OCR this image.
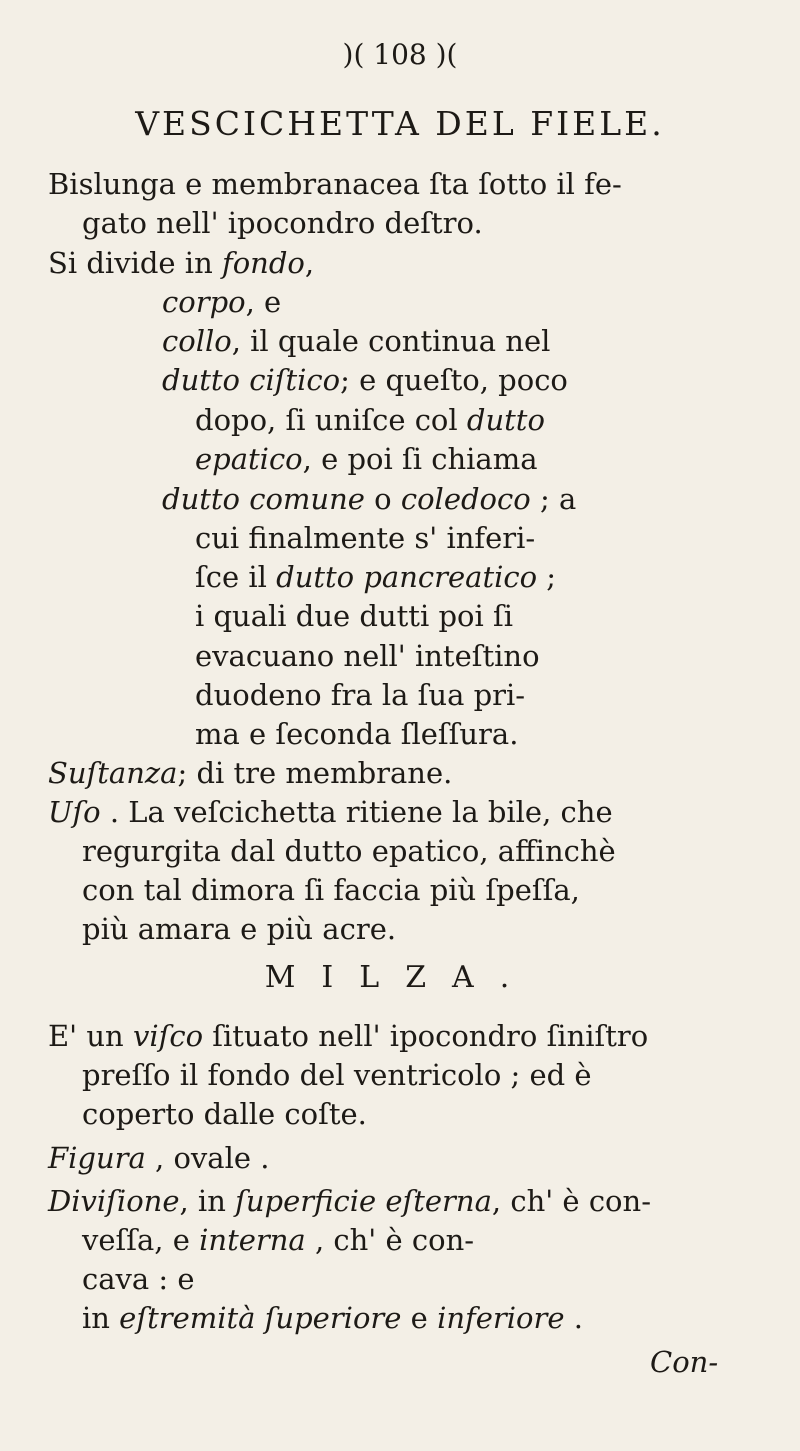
)( 108 )(
VESCICHETTA DEL FIELE.
Bislunga e membranacea ſta ſotto il fe-
gato nell' ipocondro deſtro.
Si divide in fondo,
corpo, e
collo, il quale continua nel
dutto ciſtico; e queſto, poco
dopo, ſi uniſce col dutto
epatico, e poi ſi chiama
dutto comune o coledoco ; a
cui finalmente s' inferi-
ſce il dutto pancreatico ;
i quali due dutti poi ſi
evacuano nell' inteſtino
duodeno fra la ſua pri-
ma e ſeconda ſleſſura.
Suſtanza; di tre membrane.
Uſo . La veſcichetta ritiene la bile, che
regurgita dal dutto epatico, affinchè
con tal dimora ſi faccia più ſpeſſa,
più amara e più acre.
MILZA.
E' un viſco ſituato nell' ipocondro ſiniſtro
preſſo il fondo del ventricolo ; ed è
coperto dalle coſte.
Figura , ovale .
Diviſione, in ſuperficie eſterna, ch' è con-
veſſa, e interna , ch' è con-
cava : e
in eſtremità ſuperiore e inferiore .
Con-
